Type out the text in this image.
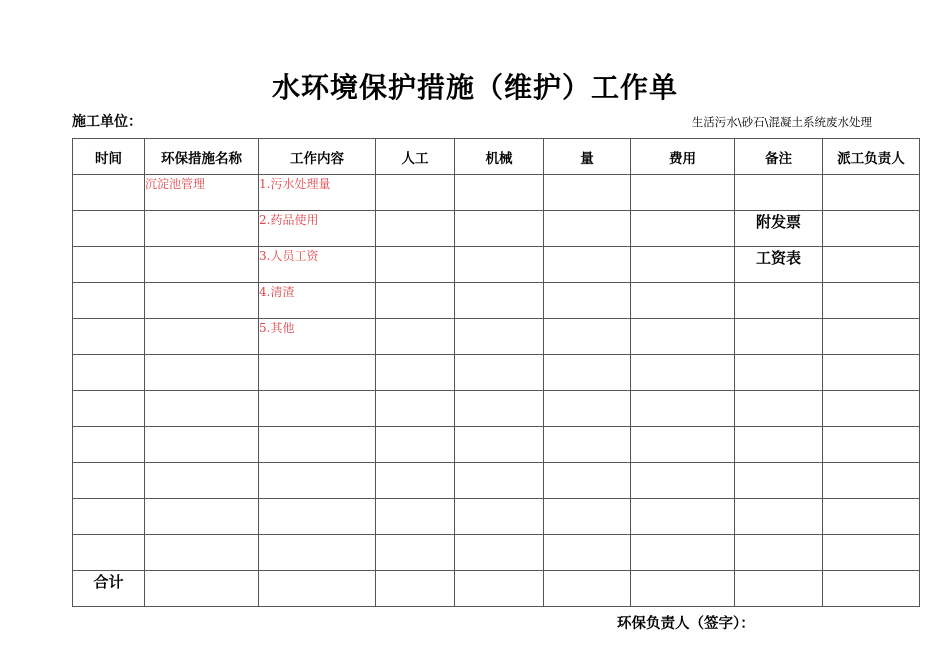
水环境保护措施（维护）工作单
施工单位：	生活污水\砂石\混凝土系统废水处理
时间	环保措施名称	工作内容	人工	机械	量	费用	备注	派工负责人
	沉淀池管理	1.污水处理量						
		2.药品使用					附发票	
		3.人员工资					工资表	
		4.清渣						
		5.其他						

合计								
环保负责人（签字）：
